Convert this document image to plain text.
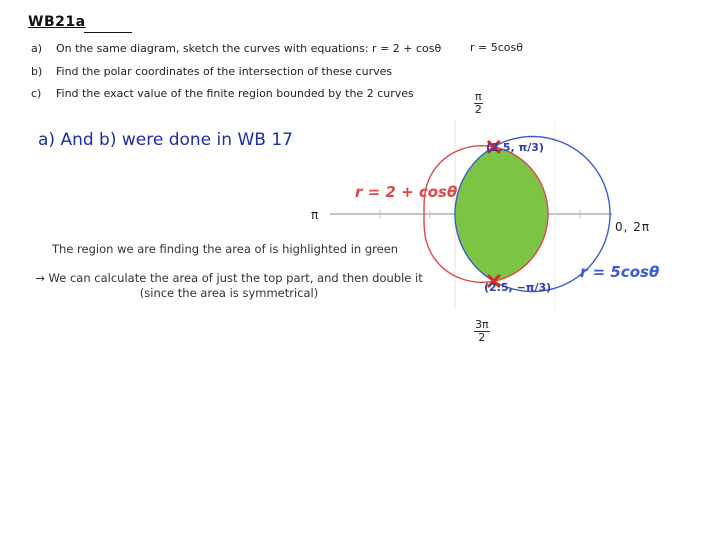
WB21a
a) On the same diagram, sketch the curves with equations: r = 2 + cosθ	r = 5cosθ
b) Find the polar coordinates of the intersection of these curves
c) Find the exact value of the finite region bounded by the 2 curves	$\frac{\pi}{2}$
π
0, 2π
$\frac{3\pi}{2}$
(2.5, π/3)
(2.5, −π/3)
r = 2 + cosθ
r = 5cosθ
a) And b) were done in WB 17
The region we are finding the area of is highlighted in green
→ We can calculate the area of just the top part, and then double it
(since the area is symmetrical)
